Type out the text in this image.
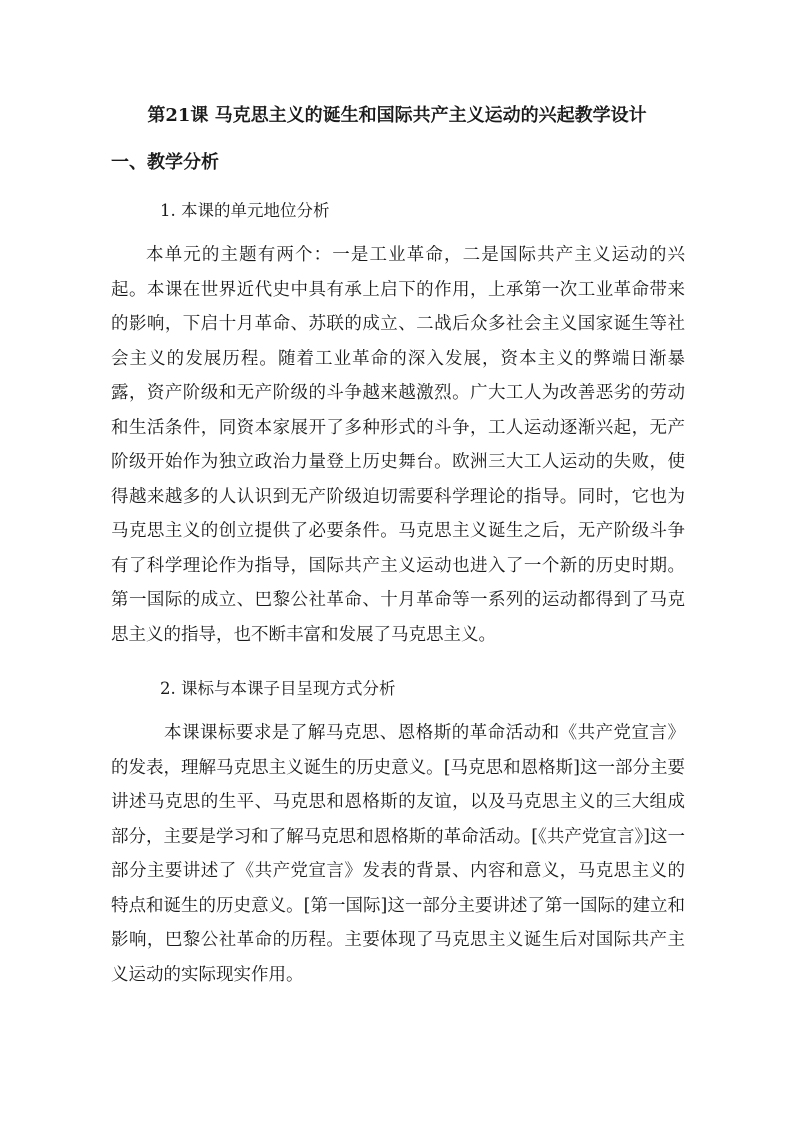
第21课 马克思主义的诞生和国际共产主义运动的兴起教学设计
一、教学分析
1. 本课的单元地位分析

本单元的主题有两个：一是工业革命，二是国际共产主义运动的兴起。本课在世界近代史中具有承上启下的作用，上承第一次工业革命带来的影响，下启十月革命、苏联的成立、二战后众多社会主义国家诞生等社会主义的发展历程。随着工业革命的深入发展，资本主义的弊端日渐暴露，资产阶级和无产阶级的斗争越来越激烈。广大工人为改善恶劣的劳动和生活条件，同资本家展开了多种形式的斗争，工人运动逐渐兴起，无产阶级开始作为独立政治力量登上历史舞台。欧洲三大工人运动的失败，使得越来越多的人认识到无产阶级迫切需要科学理论的指导。同时，它也为马克思主义的创立提供了必要条件。马克思主义诞生之后，无产阶级斗争有了科学理论作为指导，国际共产主义运动也进入了一个新的历史时期。第一国际的成立、巴黎公社革命、十月革命等一系列的运动都得到了马克思主义的指导，也不断丰富和发展了马克思主义。

2. 课标与本课子目呈现方式分析

本课课标要求是了解马克思、恩格斯的革命活动和《共产党宣言》的发表，理解马克思主义诞生的历史意义。[马克思和恩格斯]这一部分主要讲述马克思的生平、马克思和恩格斯的友谊，以及马克思主义的三大组成部分，主要是学习和了解马克思和恩格斯的革命活动。[《共产党宣言》]这一部分主要讲述了《共产党宣言》发表的背景、内容和意义，马克思主义的特点和诞生的历史意义。[第一国际]这一部分主要讲述了第一国际的建立和影响，巴黎公社革命的历程。主要体现了马克思主义诞生后对国际共产主义运动的实际现实作用。
